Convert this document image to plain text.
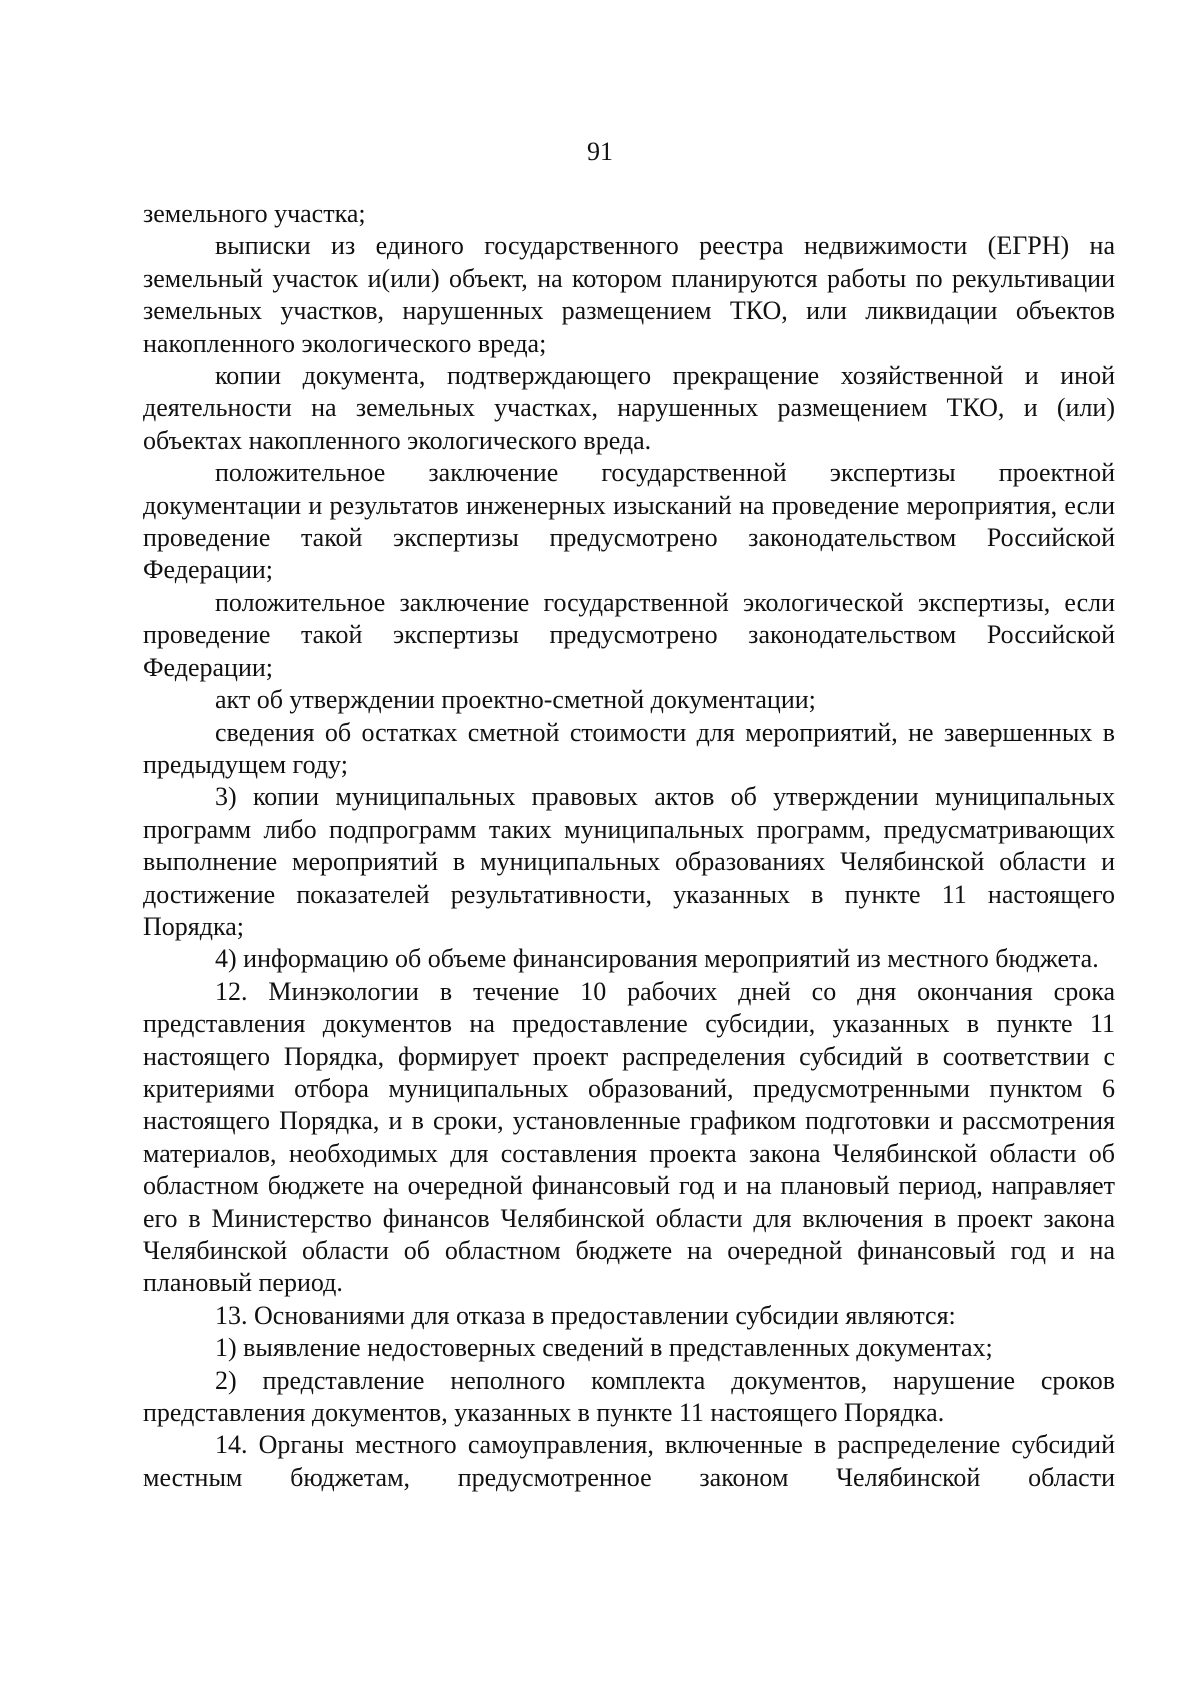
91

земельного участка;

выписки из единого государственного реестра недвижимости (ЕГРН) на земельный участок и(или) объект, на котором планируются работы по рекультивации земельных участков, нарушенных размещением ТКО, или ликвидации объектов накопленного экологического вреда;

копии документа, подтверждающего прекращение хозяйственной и иной деятельности на земельных участках, нарушенных размещением ТКО, и (или) объектах накопленного экологического вреда.

положительное заключение государственной экспертизы проектной документации и результатов инженерных изысканий на проведение мероприятия, если проведение такой экспертизы предусмотрено законодательством Российской Федерации;

положительное заключение государственной экологической экспертизы, если проведение такой экспертизы предусмотрено законодательством Российской Федерации;

акт об утверждении проектно-сметной документации;

сведения об остатках сметной стоимости для мероприятий, не завершенных в предыдущем году;

3) копии муниципальных правовых актов об утверждении муниципальных программ либо подпрограмм таких муниципальных программ, предусматривающих выполнение мероприятий в муниципальных образованиях Челябинской области и достижение показателей результативности, указанных в пункте 11 настоящего Порядка;

4) информацию об объеме финансирования мероприятий из местного бюджета.

12. Минэкологии в течение 10 рабочих дней со дня окончания срока представления документов на предоставление субсидии, указанных в пункте 11 настоящего Порядка, формирует проект распределения субсидий в соответствии с критериями отбора муниципальных образований, предусмотренными пунктом 6 настоящего Порядка, и в сроки, установленные графиком подготовки и рассмотрения материалов, необходимых для составления проекта закона Челябинской области об областном бюджете на очередной финансовый год и на плановый период, направляет его в Министерство финансов Челябинской области для включения в проект закона Челябинской области об областном бюджете на очередной финансовый год и на плановый период.

13. Основаниями для отказа в предоставлении субсидии являются:

1) выявление недостоверных сведений в представленных документах;

2) представление неполного комплекта документов, нарушение сроков представления документов, указанных в пункте 11 настоящего Порядка.

14. Органы местного самоуправления, включенные в распределение субсидий местным бюджетам, предусмотренное законом Челябинской области
